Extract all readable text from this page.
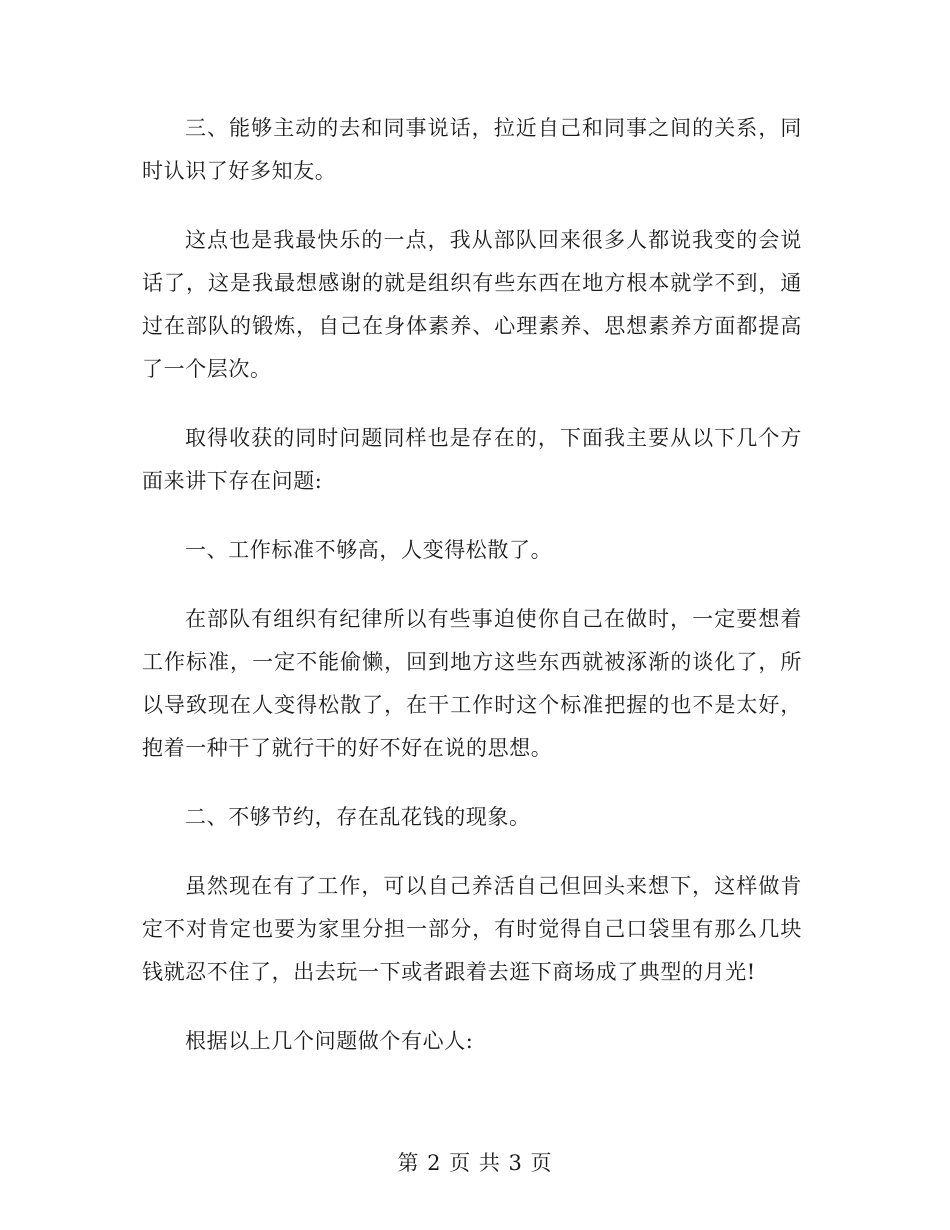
三、能够主动的去和同事说话，拉近自己和同事之间的关系，同时认识了好多知友。

这点也是我最快乐的一点，我从部队回来很多人都说我变的会说话了，这是我最想感谢的就是组织有些东西在地方根本就学不到，通过在部队的锻炼，自己在身体素养、心理素养、思想素养方面都提高了一个层次。

取得收获的同时问题同样也是存在的，下面我主要从以下几个方面来讲下存在问题:

一、工作标准不够高，人变得松散了。

在部队有组织有纪律所以有些事迫使你自己在做时，一定要想着工作标准，一定不能偷懒，回到地方这些东西就被涿渐的谈化了，所以导致现在人变得松散了，在干工作时这个标准把握的也不是太好，抱着一种干了就行干的好不好在说的思想。

二、不够节约，存在乱花钱的现象。

虽然现在有了工作，可以自己养活自己但回头来想下，这样做肯定不对肯定也要为家里分担一部分，有时觉得自己口袋里有那么几块钱就忍不住了，出去玩一下或者跟着去逛下商场成了典型的月光!

根据以上几个问题做个有心人:

第 2 页 共 3 页
